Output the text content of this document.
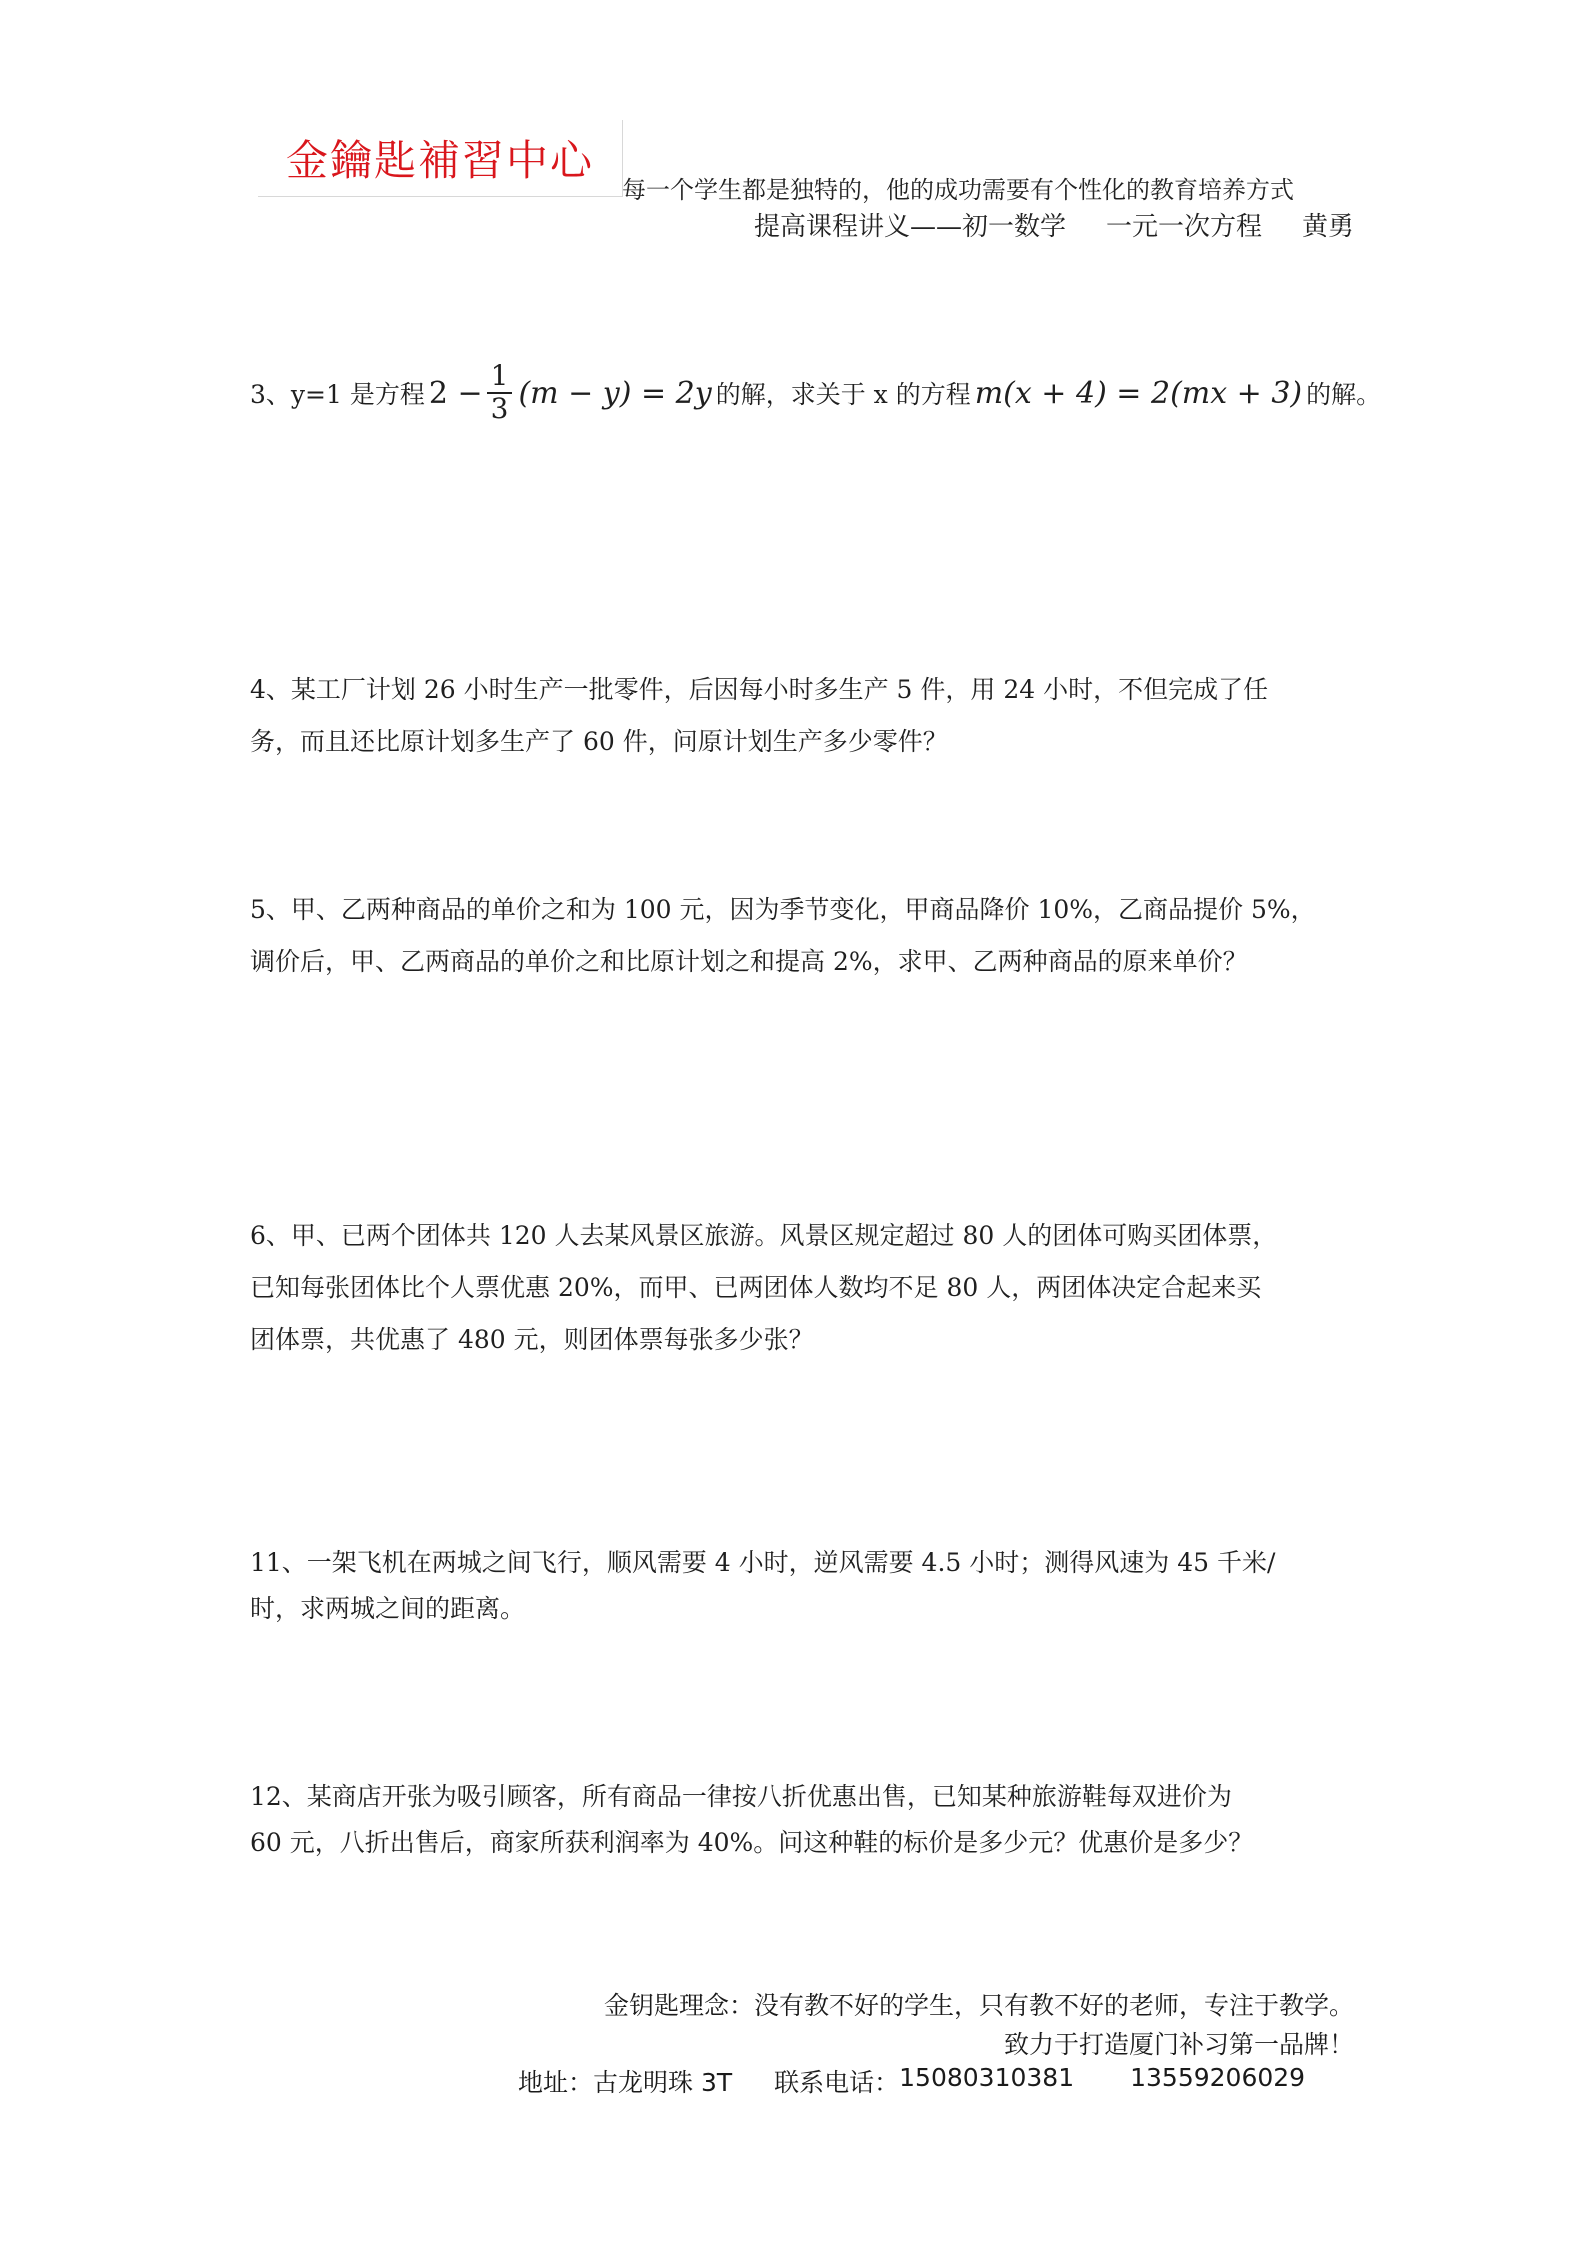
金鑰匙補習中心
每一个学生都是独特的，他的成功需要有个性化的教育培养方式
提高课程讲义——初一数学 一元一次方程 黄勇
3、y=1 是方程 $2 - \frac{1}{3} (m - y) = 2y$ 的解，求关于 x 的方程 m(x + 4) = 2(mx + 3) 的解。
4、某工厂计划 26 小时生产一批零件，后因每小时多生产 5 件，用 24 小时，不但完成了任
务，而且还比原计划多生产了 60 件，问原计划生产多少零件？
5、甲、乙两种商品的单价之和为 100 元，因为季节变化，甲商品降价 10%，乙商品提价 5%，
调价后，甲、乙两商品的单价之和比原计划之和提高 2%，求甲、乙两种商品的原来单价？
6、甲、已两个团体共 120 人去某风景区旅游。风景区规定超过 80 人的团体可购买团体票，
已知每张团体比个人票优惠 20%，而甲、已两团体人数均不足 80 人，两团体决定合起来买
团体票，共优惠了 480 元，则团体票每张多少张？
11、一架飞机在两城之间飞行，顺风需要 4 小时，逆风需要 4.5 小时；测得风速为 45 千米/
时，求两城之间的距离。
12、某商店开张为吸引顾客，所有商品一律按八折优惠出售，已知某种旅游鞋每双进价为
60 元，八折出售后，商家所获利润率为 40%。问这种鞋的标价是多少元？优惠价是多少？
金钥匙理念：没有教不好的学生，只有教不好的老师，专注于教学。
致力于打造厦门补习第一品牌！
地址：古龙明珠 3T 联系电话： 15080310381 13559206029
